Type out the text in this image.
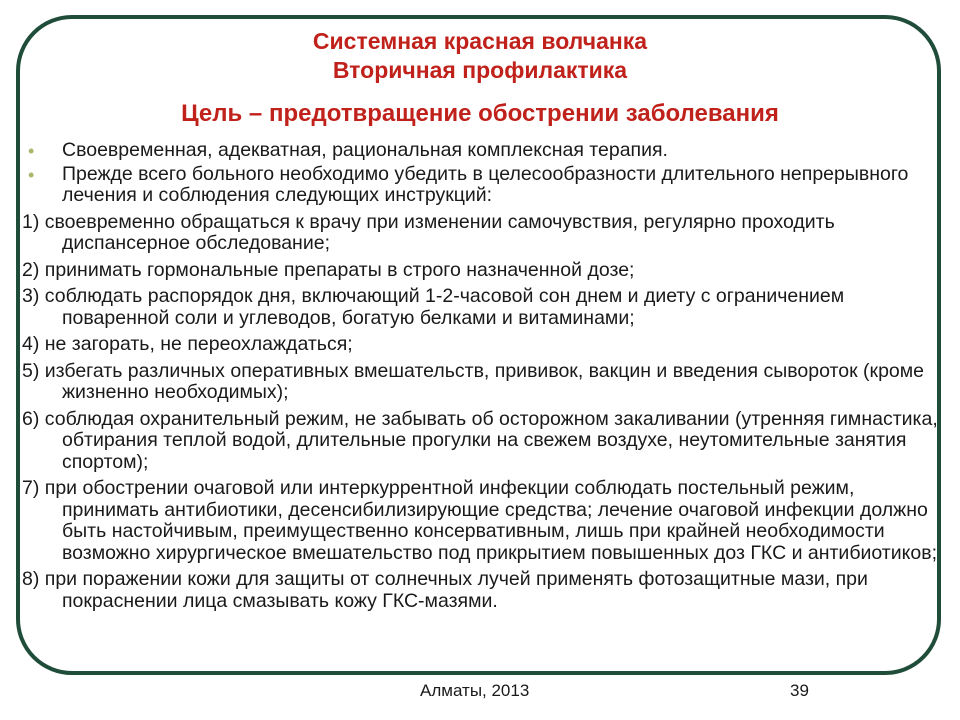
Системная красная волчанка
Вторичная профилактика
Цель – предотвращение обострении заболевания
• Своевременная, адекватная, рациональная комплексная терапия.
• Прежде всего больного необходимо убедить в целесообразности длительного непрерывного лечения и соблюдения следующих инструкций:
1) своевременно обращаться к врачу при изменении самочувствия, регулярно проходить диспансерное обследование;
2) принимать гормональные препараты в строго назначенной дозе;
3) соблюдать распорядок дня, включающий 1-2-часовой сон днем и диету с ограничением поваренной соли и углеводов, богатую белками и витаминами;
4) не загорать, не переохлаждаться;
5) избегать различных оперативных вмешательств, прививок, вакцин и введения сывороток (кроме жизненно необходимых);
6) соблюдая охранительный режим, не забывать об осторожном закаливании (утренняя гимнастика, обтирания теплой водой, длительные прогулки на свежем воздухе, неутомительные занятия спортом);
7) при обострении очаговой или интеркуррентной инфекции соблюдать постельный режим, принимать антибиотики, десенсибилизирующие средства; лечение очаговой инфекции должно быть настойчивым, преимущественно консервативным, лишь при крайней необходимости возможно хирургическое вмешательство под прикрытием повышенных доз ГКС и антибиотиков;
8) при поражении кожи для защиты от солнечных лучей применять фотозащитные мази, при покраснении лица смазывать кожу ГКС-мазями.
Алматы, 2013	39
